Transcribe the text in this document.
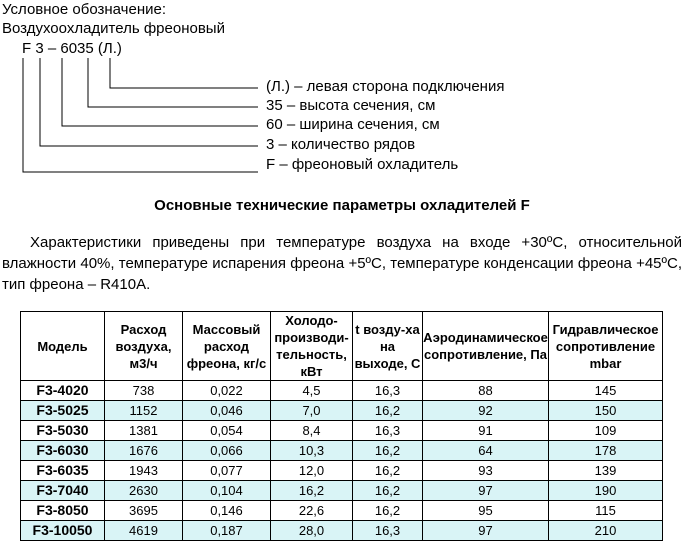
Условное обозначение:
Воздухоохладитель фреоновый
F 3 – 6035 (Л.)
(Л.) – левая сторона подключения
35 – высота сечения, см
60 – ширина сечения, см
3 – количество рядов
F – фреоновый охладитель
Основные технические параметры охладителей F
Характеристики приведены при температуре воздуха на входе +30ºС, относительной влажности 40%, температуре испарения фреона +5ºС, температуре конденсации фреона +45ºС, тип фреона – R410А.
Модель	Расход воздуха, м3/ч	Массовый расход фреона, кг/с	Холодо-производи-тельность, кВт	t возду-ха на выходе, С	Аэродинамическое сопротивление, Па	Гидравлическое сопротивление mbar
F3-4020	738	0,022	4,5	16,3	88	145
F3-5025	1152	0,046	7,0	16,2	92	150
F3-5030	1381	0,054	8,4	16,3	91	109
F3-6030	1676	0,066	10,3	16,2	64	178
F3-6035	1943	0,077	12,0	16,2	93	139
F3-7040	2630	0,104	16,2	16,2	97	190
F3-8050	3695	0,146	22,6	16,2	95	115
F3-10050	4619	0,187	28,0	16,3	97	210
